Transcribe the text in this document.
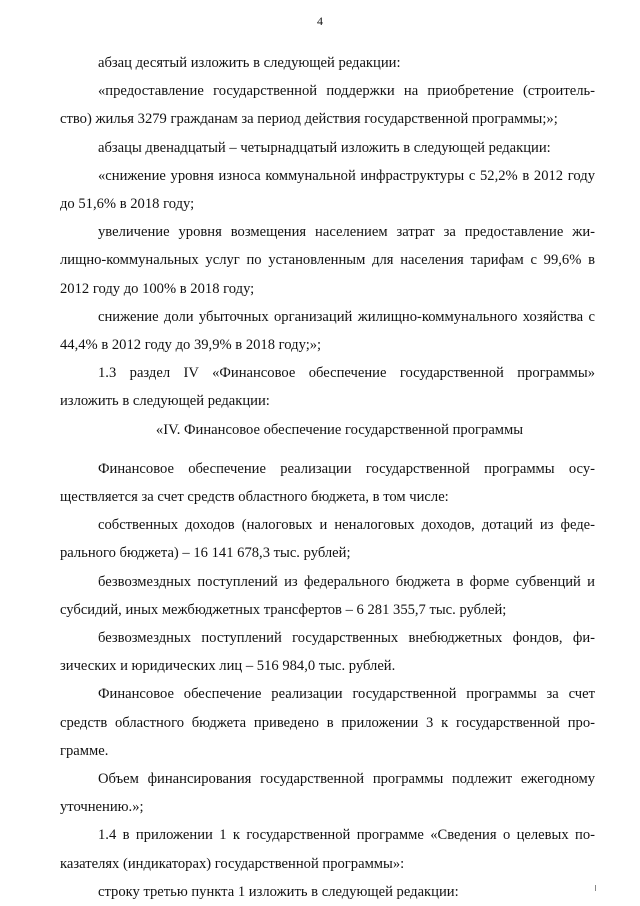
4

абзац десятый изложить в следующей редакции:

«предоставление государственной поддержки на приобретение (строитель-ство) жилья 3279 гражданам за период действия государственной программы;»;

абзацы двенадцатый – четырнадцатый изложить в следующей редакции:

«снижение уровня износа коммунальной инфраструктуры с 52,2% в 2012 году до 51,6% в 2018 году;

увеличение уровня возмещения населением затрат за предоставление жи-лищно-коммунальных услуг по установленным для населения тарифам с 99,6% в 2012 году до 100% в 2018 году;

снижение доли убыточных организаций жилищно-коммунального хозяйства с 44,4% в 2012 году до 39,9% в 2018 году;»;

1.3 раздел IV «Финансовое обеспечение государственной программы» изложить в следующей редакции:

«IV. Финансовое обеспечение государственной программы

Финансовое обеспечение реализации государственной программы осу-ществляется за счет средств областного бюджета, в том числе:

собственных доходов (налоговых и неналоговых доходов, дотаций из феде-рального бюджета) – 16 141 678,3 тыс. рублей;

безвозмездных поступлений из федерального бюджета в форме субвенций и субсидий, иных межбюджетных трансфертов – 6 281 355,7 тыс. рублей;

безвозмездных поступлений государственных внебюджетных фондов, фи-зических и юридических лиц – 516 984,0 тыс. рублей.

Финансовое обеспечение реализации государственной программы за счет средств областного бюджета приведено в приложении 3 к государственной про-грамме.

Объем финансирования государственной программы подлежит ежегодному уточнению.»;

1.4 в приложении 1 к государственной программе «Сведения о целевых по-казателях (индикаторах) государственной программы»:

строку третью пункта 1 изложить в следующей редакции:
